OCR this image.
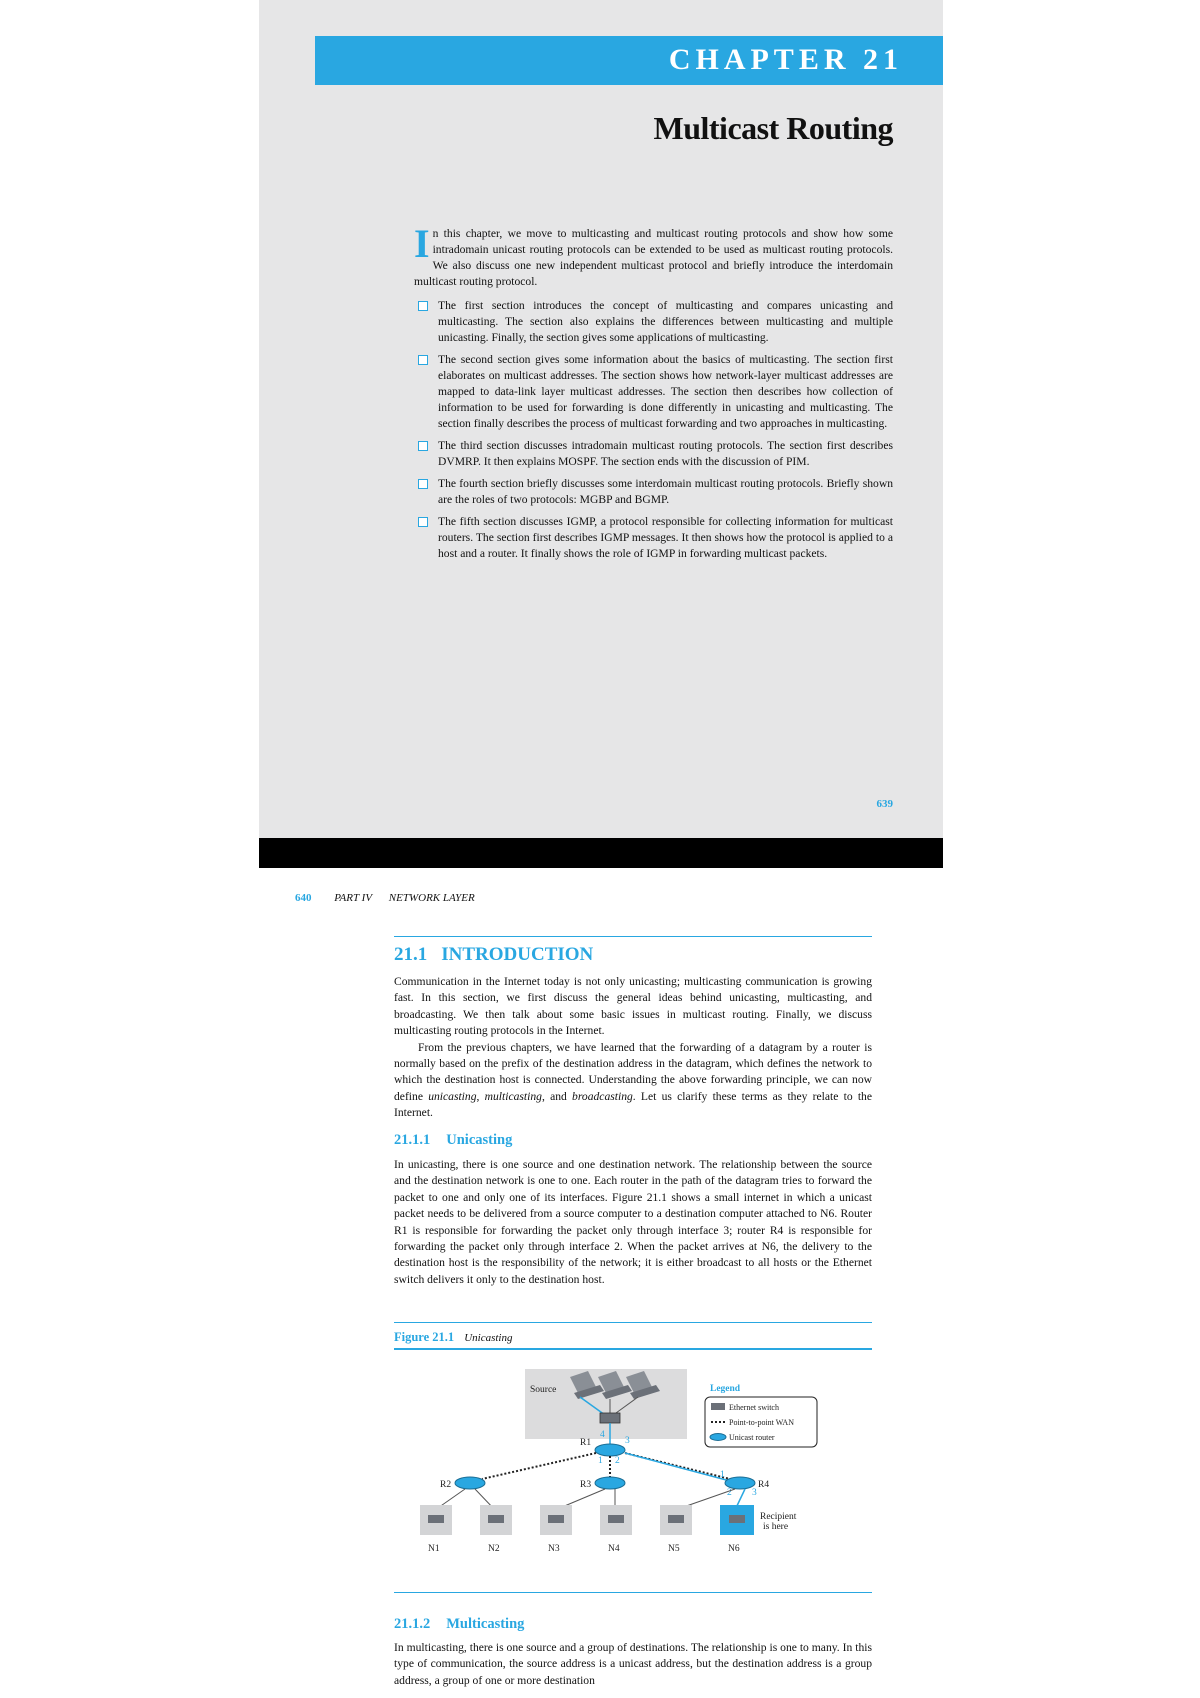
CHAPTER 21
Multicast Routing
I n this chapter, we move to multicasting and multicast routing protocols and show how some intradomain unicast routing protocols can be extended to be used as multicast routing protocols. We also discuss one new independent multicast protocol and briefly introduce the interdomain multicast routing protocol.
The first section introduces the concept of multicasting and compares unicasting and multicasting. The section also explains the differences between multicasting and multiple unicasting. Finally, the section gives some applications of multicasting.
The second section gives some information about the basics of multicasting. The section first elaborates on multicast addresses. The section shows how network-layer multicast addresses are mapped to data-link layer multicast addresses. The section then describes how collection of information to be used for forwarding is done differently in unicasting and multicasting. The section finally describes the process of multicast forwarding and two approaches in multicasting.
The third section discusses intradomain multicast routing protocols. The section first describes DVMRP. It then explains MOSPF. The section ends with the discussion of PIM.
The fourth section briefly discusses some interdomain multicast routing protocols. Briefly shown are the roles of two protocols: MGBP and BGMP.
The fifth section discusses IGMP, a protocol responsible for collecting information for multicast routers. The section first describes IGMP messages. It then shows how the protocol is applied to a host and a router. It finally shows the role of IGMP in forwarding multicast packets.
639
640 PART IV NETWORK LAYER
21.1 INTRODUCTION

Communication in the Internet today is not only unicasting; multicasting communication is growing fast. In this section, we first discuss the general ideas behind unicasting, multicasting, and broadcasting. We then talk about some basic issues in multicast routing. Finally, we discuss multicasting routing protocols in the Internet.

From the previous chapters, we have learned that the forwarding of a datagram by a router is normally based on the prefix of the destination address in the datagram, which defines the network to which the destination host is connected. Understanding the above forwarding principle, we can now define unicasting, multicasting, and broadcasting. Let us clarify these terms as they relate to the Internet.

21.1.1 Unicasting

In unicasting, there is one source and one destination network. The relationship between the source and the destination network is one to one. Each router in the path of the datagram tries to forward the packet to one and only one of its interfaces. Figure 21.1 shows a small internet in which a unicast packet needs to be delivered from a source computer to a destination computer attached to N6. Router R1 is responsible for forwarding the packet only through interface 3; router R4 is responsible for forwarding the packet only through interface 2. When the packet arrives at N6, the delivery to the destination host is the responsibility of the network; it is either broadcast to all hosts or the Ethernet switch delivers it only to the destination host.

Figure 21.1 Unicasting
Source
4
R1
1 2
3
R2	R3	R4
1
2 3
N1	N2	N3	N4	N5	N6
Recipient
is here
Legend
Ethernet switch
Point-to-point WAN
Unicast router
21.1.2 Multicasting

In multicasting, there is one source and a group of destinations. The relationship is one to many. In this type of communication, the source address is a unicast address, but the destination address is a group address, a group of one or more destination
